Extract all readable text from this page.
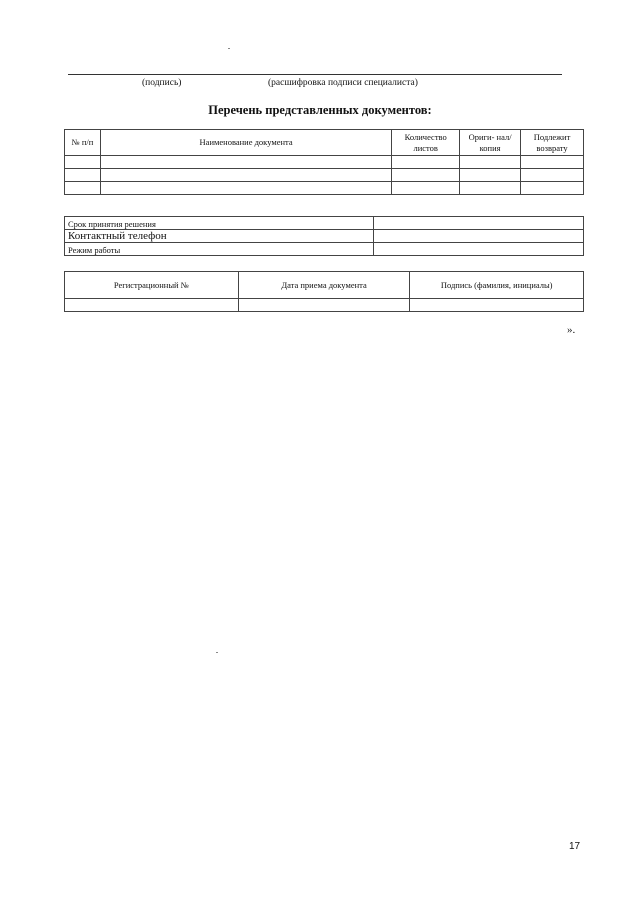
(подпись)	(расшифровка подписи специалиста)
Перечень представленных документов:
№ п/п	Наименование документа	Количество листов	Ориги- нал/копия	Подлежит возврату

Срок принятия решения	
Контактный телефон	
Режим работы	
Регистрационный №	Дата приема документа	Подпись (фамилия, инициалы)

».
17
